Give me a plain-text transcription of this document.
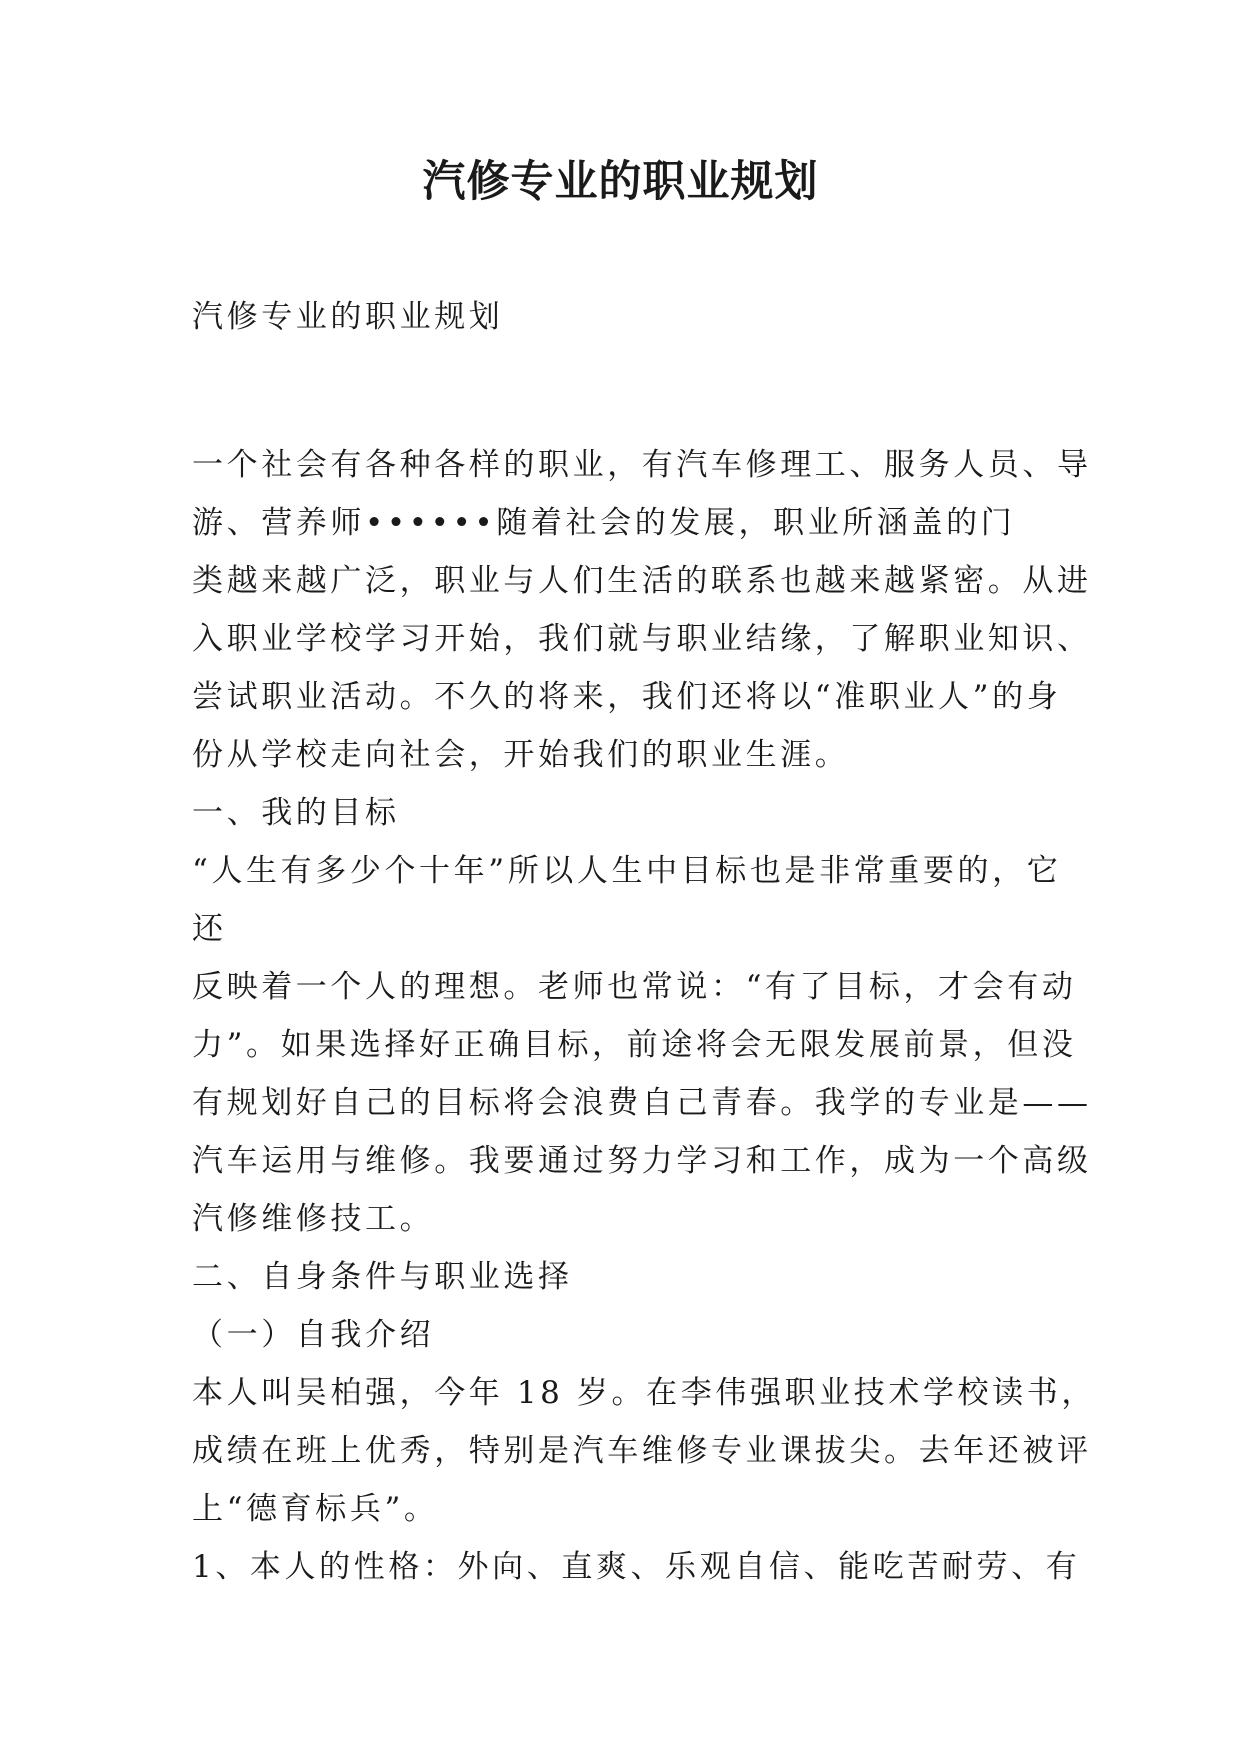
汽修专业的职业规划
汽修专业的职业规划
一个社会有各种各样的职业，有汽车修理工、服务人员、导
游、营养师••••••随着社会的发展，职业所涵盖的门
类越来越广泛，职业与人们生活的联系也越来越紧密。从进
入职业学校学习开始，我们就与职业结缘，了解职业知识、
尝试职业活动。不久的将来，我们还将以“准职业人”的身
份从学校走向社会，开始我们的职业生涯。
一、我的目标
“人生有多少个十年”所以人生中目标也是非常重要的，它
还
反映着一个人的理想。老师也常说：“有了目标，才会有动
力”。如果选择好正确目标，前途将会无限发展前景，但没
有规划好自己的目标将会浪费自己青春。我学的专业是——
汽车运用与维修。我要通过努力学习和工作，成为一个高级
汽修维修技工。
二、自身条件与职业选择
（一）自我介绍
本人叫吴柏强，今年 18 岁。在李伟强职业技术学校读书，
成绩在班上优秀，特别是汽车维修专业课拔尖。去年还被评
上“德育标兵”。
1、本人的性格：外向、直爽、乐观自信、能吃苦耐劳、有
